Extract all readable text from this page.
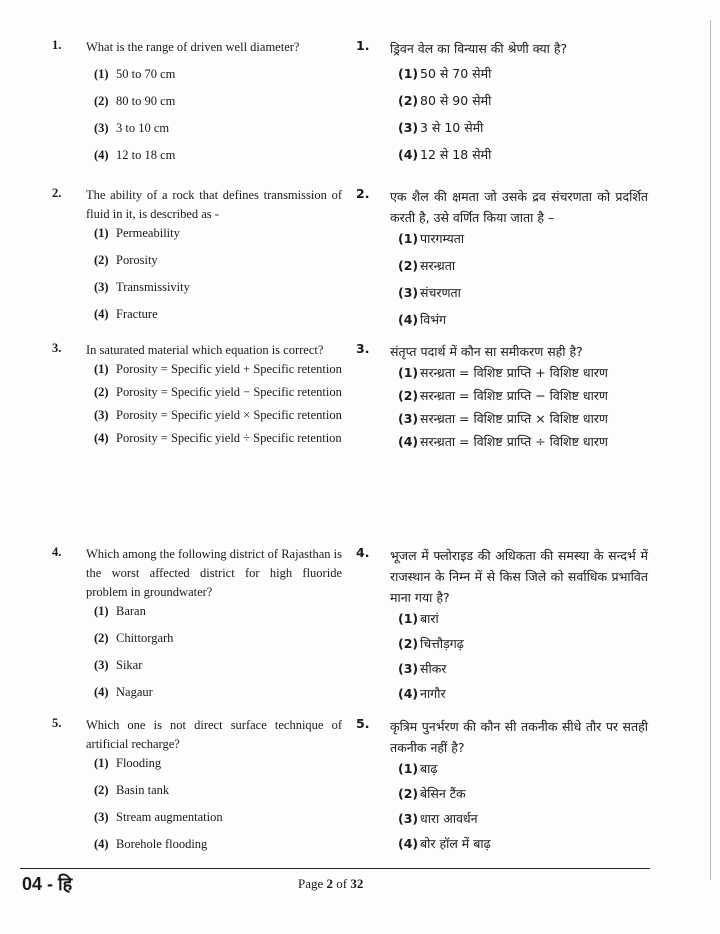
1. What is the range of driven well diameter?
(1) 50 to 70 cm
(2) 80 to 90 cm
(3) 3 to 10 cm
(4) 12 to 18 cm
2. The ability of a rock that defines transmission of fluid in it, is described as -
(1) Permeability
(2) Porosity
(3) Transmissivity
(4) Fracture
3. In saturated material which equation is correct?
(1) Porosity = Specific yield + Specific retention
(2) Porosity = Specific yield − Specific retention
(3) Porosity = Specific yield × Specific retention
(4) Porosity = Specific yield ÷ Specific retention
4. Which among the following district of Rajasthan is the worst affected district for high fluoride problem in groundwater?
(1) Baran
(2) Chittorgarh
(3) Sikar
(4) Nagaur
5. Which one is not direct surface technique of artificial recharge?
(1) Flooding
(2) Basin tank
(3) Stream augmentation
(4) Borehole flooding
1. ड्रिवन वेल का विन्यास की श्रेणी क्या है?
(1) 50 से 70 सेमी
(2) 80 से 90 सेमी
(3) 3 से 10 सेमी
(4) 12 से 18 सेमी
2. एक शैल की क्षमता जो उसके द्रव संचरणता को प्रदर्शित करती है, उसे वर्णित किया जाता है –
(1) पारगम्यता
(2) सरन्ध्रता
(3) संचरणता
(4) विभंग
3. संतृप्त पदार्थ में कौन सा समीकरण सही है?
(1) सरन्ध्रता = विशिष्ट प्राप्ति + विशिष्ट धारण
(2) सरन्ध्रता = विशिष्ट प्राप्ति − विशिष्ट धारण
(3) सरन्ध्रता = विशिष्ट प्राप्ति × विशिष्ट धारण
(4) सरन्ध्रता = विशिष्ट प्राप्ति ÷ विशिष्ट धारण
4. भूजल में फ्लोराइड की अधिकता की समस्या के सन्दर्भ में राजस्थान के निम्न में से किस जिले को सर्वाधिक प्रभावित माना गया है?
(1) बारां
(2) चित्तौड़गढ़
(3) सीकर
(4) नागौर
5. कृत्रिम पुनर्भरण की कौन सी तकनीक सीधे तौर पर सतही तकनीक नहीं है?
(1) बाढ़
(2) बेसिन टैंक
(3) धारा आवर्धन
(4) बोर हॉल में बाढ़
04 - हि	Page 2 of 32
